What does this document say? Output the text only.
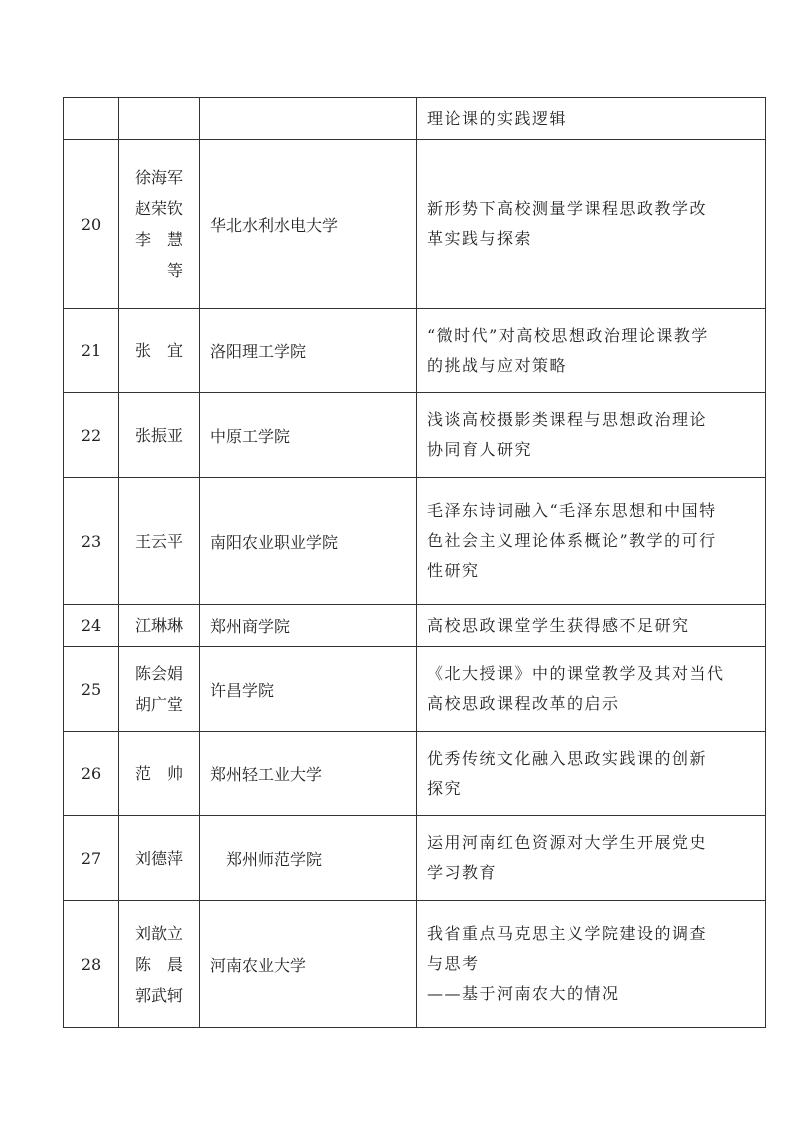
			理论课的实践逻辑

20	徐海军
赵荣钦
李　慧
　　等	华北水利水电大学	新形势下高校测量学课程思政教学改
革实践与探索

21	张　宜	洛阳理工学院	“微时代”对高校思想政治理论课教学
的挑战与应对策略

22	张振亚	中原工学院	浅谈高校摄影类课程与思想政治理论
协同育人研究

23	王云平	南阳农业职业学院	毛泽东诗词融入“毛泽东思想和中国特
色社会主义理论体系概论”教学的可行
性研究

24	江琳琳	郑州商学院	高校思政课堂学生获得感不足研究

25	陈会娟
胡广堂	许昌学院	《北大授课》中的课堂教学及其对当代
高校思政课程改革的启示

26	范　帅	郑州轻工业大学	优秀传统文化融入思政实践课的创新
探究

27	刘德萍	　郑州师范学院	运用河南红色资源对大学生开展党史
学习教育

28	刘歆立
陈　晨
郭武轲	河南农业大学	我省重点马克思主义学院建设的调查
与思考
——基于河南农大的情况
